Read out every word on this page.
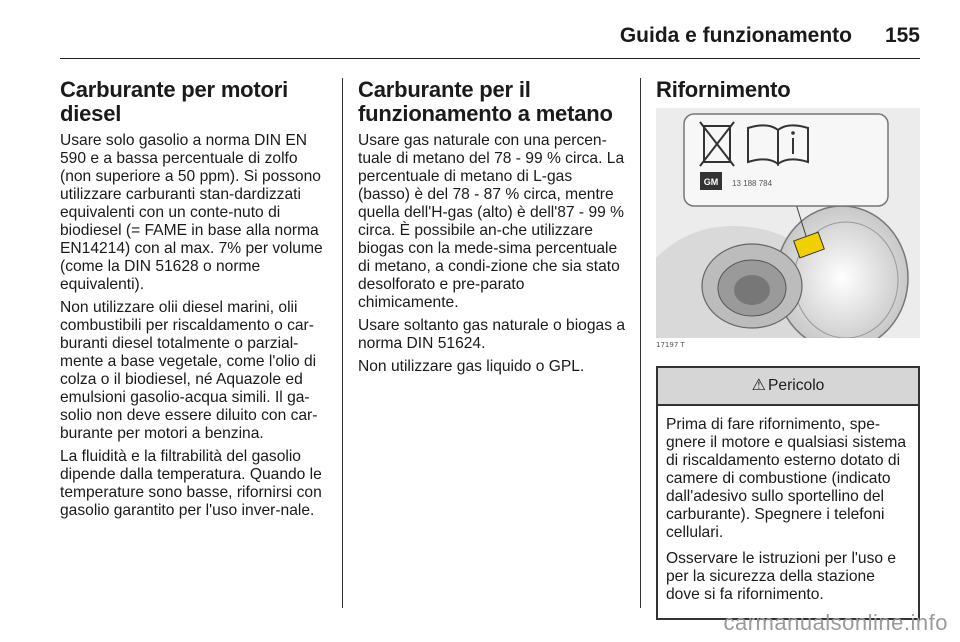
Guida e funzionamento 155
Carburante per motori diesel

Usare solo gasolio a norma DIN EN 590 e a bassa percentuale di zolfo (non superiore a 50 ppm). Si possono utilizzare carburanti stan-dardizzati equivalenti con un conte-nuto di biodiesel (= FAME in base alla norma EN14214) con al max. 7% per volume (come la DIN 51628 o norme equivalenti).

Non utilizzare olii diesel marini, olii combustibili per riscaldamento o car-buranti diesel totalmente o parzial-mente a base vegetale, come l'olio di colza o il biodiesel, né Aquazole ed emulsioni gasolio-acqua simili. Il ga-solio non deve essere diluito con car-burante per motori a benzina.

La fluidità e la filtrabilità del gasolio dipende dalla temperatura. Quando le temperature sono basse, rifornirsi con gasolio garantito per l'uso inver-nale.

Carburante per il funzionamento a metano

Usare gas naturale con una percen-tuale di metano del 78 - 99 % circa. La percentuale di metano di L-gas (basso) è del 78 - 87 % circa, mentre quella dell'H-gas (alto) è dell'87 - 99 % circa. È possibile an-che utilizzare biogas con la mede-sima percentuale di metano, a condi-zione che sia stato desolforato e pre-parato chimicamente.

Usare soltanto gas naturale o biogas a norma DIN 51624.

Non utilizzare gas liquido o GPL.

Rifornimento
GM 13 188 784
17197 T
⚠ Pericolo

Prima di fare rifornimento, spe-gnere il motore e qualsiasi sistema di riscaldamento esterno dotato di camere di combustione (indicato dall'adesivo sullo sportellino del carburante). Spegnere i telefoni cellulari.

Osservare le istruzioni per l'uso e per la sicurezza della stazione dove si fa rifornimento.

carmanualsonline.info
